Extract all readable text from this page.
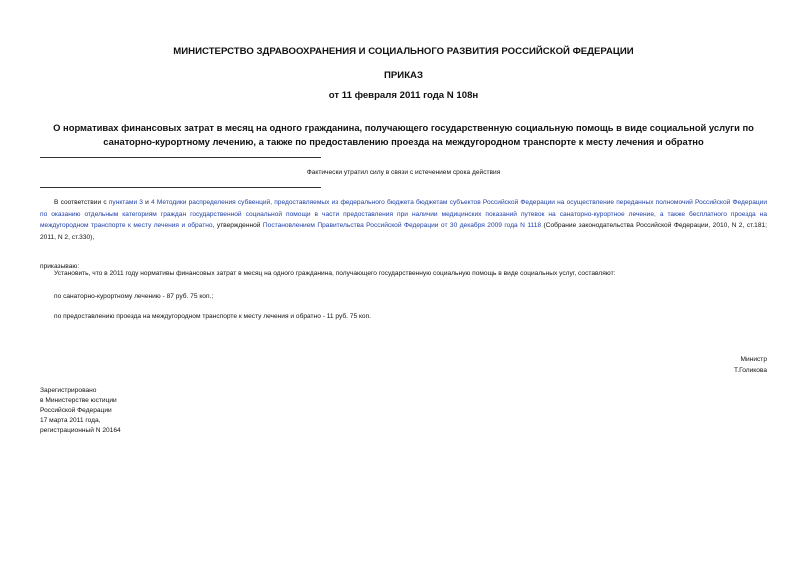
МИНИСТЕРСТВО ЗДРАВООХРАНЕНИЯ И СОЦИАЛЬНОГО РАЗВИТИЯ РОССИЙСКОЙ ФЕДЕРАЦИИ
ПРИКАЗ
от 11 февраля 2011 года N 108н
О нормативах финансовых затрат в месяц на одного гражданина, получающего государственную социальную помощь в виде социальной услуги по санаторно-курортному лечению, а также по предоставлению проезда на междугородном транспорте к месту лечения и обратно
Фактически утратил силу в связи с истечением срока действия
В соответствии с пунктами 3 и 4 Методики распределения субвенций, предоставляемых из федерального бюджета бюджетам субъектов Российской Федерации на осуществление переданных полномочий Российской Федерации по оказанию отдельным категориям граждан государственной социальной помощи в части предоставления при наличии медицинских показаний путевок на санаторно-курортное лечение, а также бесплатного проезда на междугородном транспорте к месту лечения и обратно, утвержденной Постановлением Правительства Российской Федерации от 30 декабря 2009 года N 1118 (Собрание законодательства Российской Федерации, 2010, N 2, ст.181; 2011, N 2, ст.330),
приказываю:
Установить, что в 2011 году нормативы финансовых затрат в месяц на одного гражданина, получающего государственную социальную помощь в виде социальных услуг, составляют:
по санаторно-курортному лечению - 87 руб. 75 коп.;
по предоставлению проезда на междугородном транспорте к месту лечения и обратно - 11 руб. 75 коп.
Министр
Т.Голикова
Зарегистрировано
в Министерстве юстиции
Российской Федерации
17 марта 2011 года,
регистрационный N 20164
